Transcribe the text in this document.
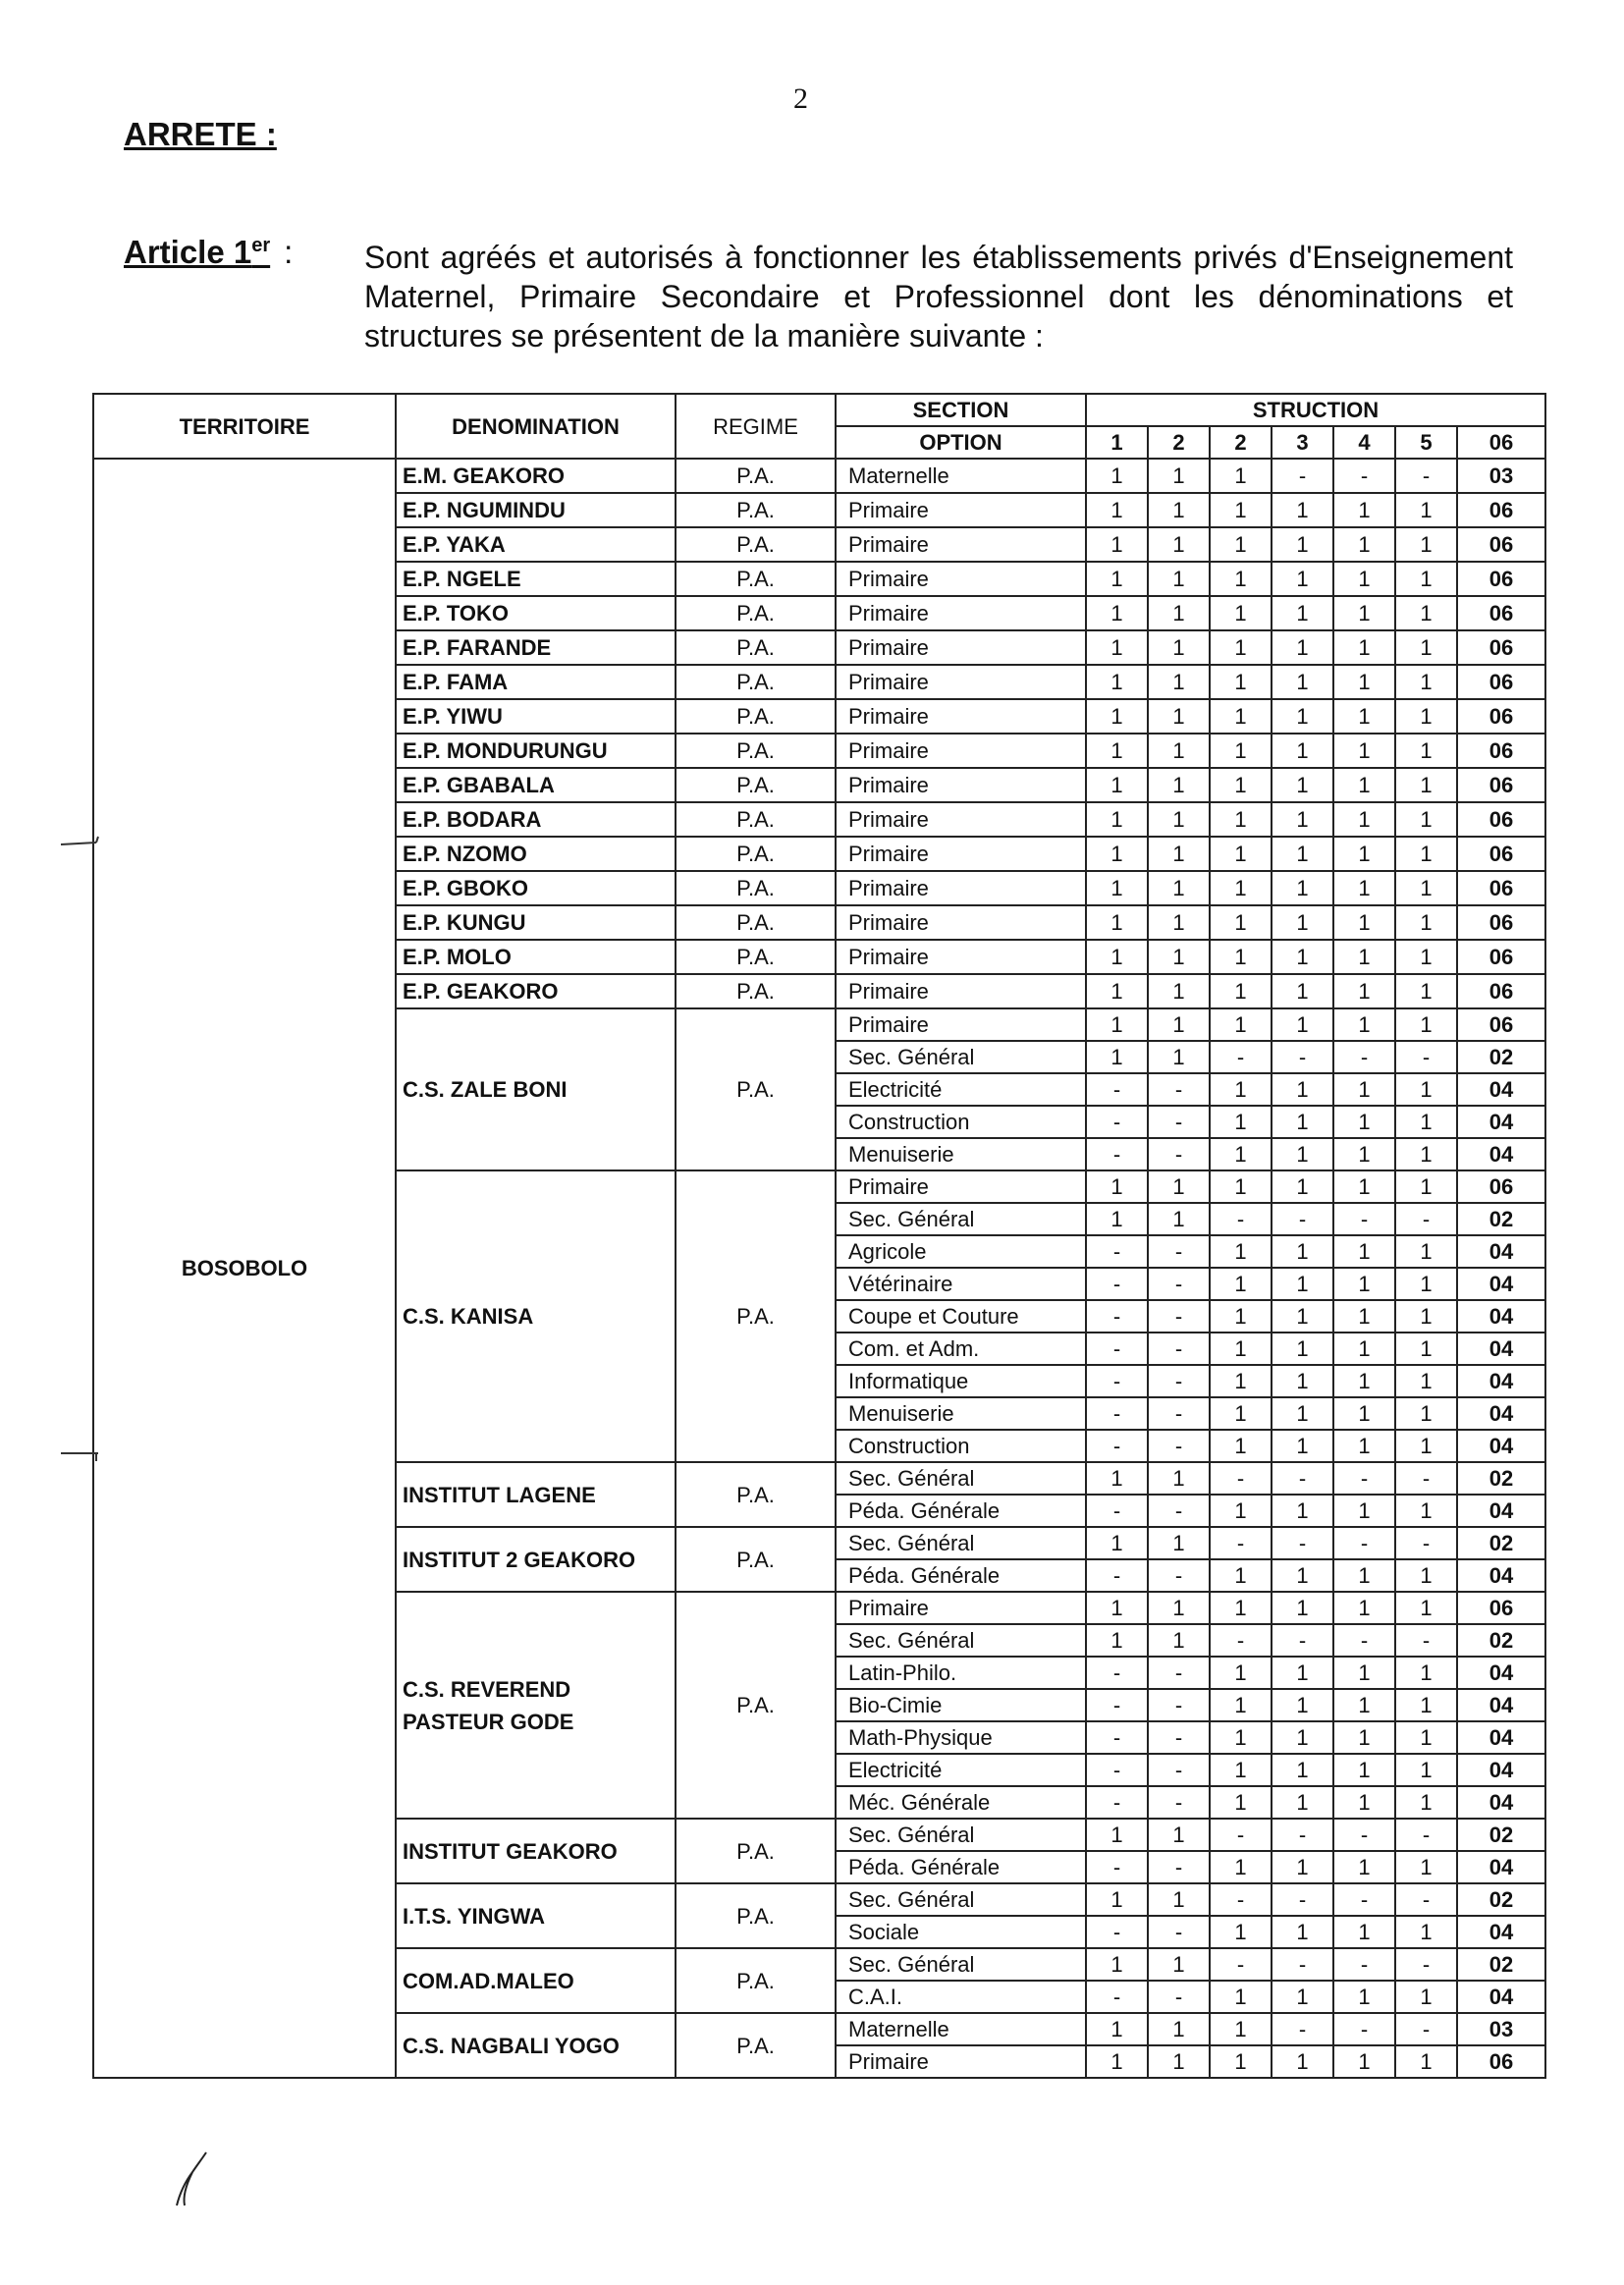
2
ARRETE :
Article 1er : Sont agréés et autorisés à fonctionner les établissements privés d'Enseignement Maternel, Primaire Secondaire et Professionnel dont les dénominations et structures se présentent de la manière suivante :
TERRITOIRE	DENOMINATION	REGIME	SECTION	STRUCTION						
			OPTION	1	2	2	3	4	5	06
BOSOBOLO	E.M. GEAKORO	P.A.	Maternelle	1	1	1	-	-	-	03
	E.P. NGUMINDU	P.A.	Primaire	1	1	1	1	1	1	06
	E.P. YAKA	P.A.	Primaire	1	1	1	1	1	1	06
	E.P. NGELE	P.A.	Primaire	1	1	1	1	1	1	06
	E.P. TOKO	P.A.	Primaire	1	1	1	1	1	1	06
	E.P. FARANDE	P.A.	Primaire	1	1	1	1	1	1	06
	E.P. FAMA	P.A.	Primaire	1	1	1	1	1	1	06
	E.P. YIWU	P.A.	Primaire	1	1	1	1	1	1	06
	E.P. MONDURUNGU	P.A.	Primaire	1	1	1	1	1	1	06
	E.P. GBABALA	P.A.	Primaire	1	1	1	1	1	1	06
	E.P. BODARA	P.A.	Primaire	1	1	1	1	1	1	06
	E.P. NZOMO	P.A.	Primaire	1	1	1	1	1	1	06
	E.P. GBOKO	P.A.	Primaire	1	1	1	1	1	1	06
	E.P. KUNGU	P.A.	Primaire	1	1	1	1	1	1	06
	E.P. MOLO	P.A.	Primaire	1	1	1	1	1	1	06
	E.P. GEAKORO	P.A.	Primaire	1	1	1	1	1	1	06
	C.S. ZALE BONI	P.A.	Primaire	1	1	1	1	1	1	06
			Sec. Général	1	1	-	-	-	-	02
			Electricité	-	-	1	1	1	1	04
			Construction	-	-	1	1	1	1	04
			Menuiserie	-	-	1	1	1	1	04
	C.S. KANISA	P.A.	Primaire	1	1	1	1	1	1	06
			Sec. Général	1	1	-	-	-	-	02
			Agricole	-	-	1	1	1	1	04
			Vétérinaire	-	-	1	1	1	1	04
			Coupe et Couture	-	-	1	1	1	1	04
			Com. et Adm.	-	-	1	1	1	1	04
			Informatique	-	-	1	1	1	1	04
			Menuiserie	-	-	1	1	1	1	04
			Construction	-	-	1	1	1	1	04
	INSTITUT LAGENE	P.A.	Sec. Général	1	1	-	-	-	-	02
			Péda. Générale	-	-	1	1	1	1	04
	INSTITUT 2 GEAKORO	P.A.	Sec. Général	1	1	-	-	-	-	02
			Péda. Générale	-	-	1	1	1	1	04
	C.S. REVEREND PASTEUR GODE	P.A.	Primaire	1	1	1	1	1	1	06
			Sec. Général	1	1	-	-	-	-	02
			Latin-Philo.	-	-	1	1	1	1	04
			Bio-Cimie	-	-	1	1	1	1	04
			Math-Physique	-	-	1	1	1	1	04
			Electricité	-	-	1	1	1	1	04
			Méc. Générale	-	-	1	1	1	1	04
	INSTITUT GEAKORO	P.A.	Sec. Général	1	1	-	-	-	-	02
			Péda. Générale	-	-	1	1	1	1	04
	I.T.S. YINGWA	P.A.	Sec. Général	1	1	-	-	-	-	02
			Sociale	-	-	1	1	1	1	04
	COM.AD.MALEO	P.A.	Sec. Général	1	1	-	-	-	-	02
			C.A.I.	-	-	1	1	1	1	04
	C.S. NAGBALI YOGO	P.A.	Maternelle	1	1	1	-	-	-	03
			Primaire	1	1	1	1	1	1	06
